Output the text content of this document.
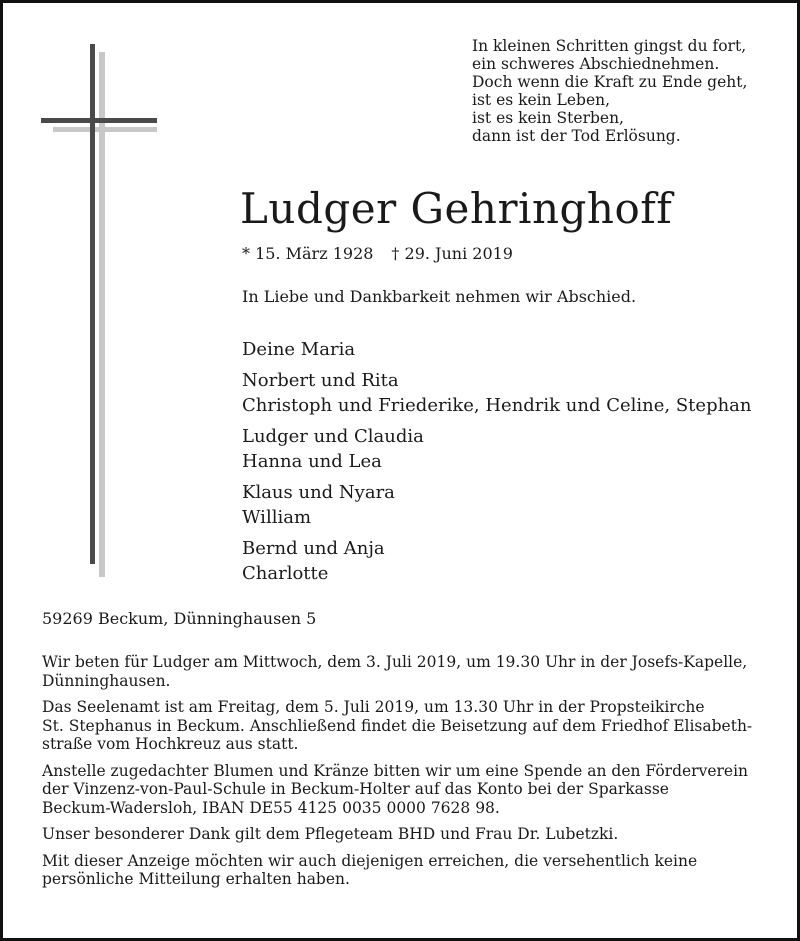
In kleinen Schritten gingst du fort,
ein schweres Abschiednehmen.
Doch wenn die Kraft zu Ende geht,
ist es kein Leben,
ist es kein Sterben,
dann ist der Tod Erlösung.
Ludger Gehringhoff
* 15. März 1928 † 29. Juni 2019
In Liebe und Dankbarkeit nehmen wir Abschied.
Deine Maria
Norbert und Rita
Christoph und Friederike, Hendrik und Celine, Stephan
Ludger und Claudia
Hanna und Lea
Klaus und Nyara
William
Bernd und Anja
Charlotte
59269 Beckum, Dünninghausen 5

Wir beten für Ludger am Mittwoch, dem 3. Juli 2019, um 19.30 Uhr in der Josefs-Kapelle,
Dünninghausen.

Das Seelenamt ist am Freitag, dem 5. Juli 2019, um 13.30 Uhr in der Propsteikirche
St. Stephanus in Beckum. Anschließend findet die Beisetzung auf dem Friedhof Elisabeth-
straße vom Hochkreuz aus statt.

Anstelle zugedachter Blumen und Kränze bitten wir um eine Spende an den Förderverein
der Vinzenz-von-Paul-Schule in Beckum-Holter auf das Konto bei der Sparkasse
Beckum-Wadersloh, IBAN DE55 4125 0035 0000 7628 98.

Unser besonderer Dank gilt dem Pflegeteam BHD und Frau Dr. Lubetzki.

Mit dieser Anzeige möchten wir auch diejenigen erreichen, die versehentlich keine
persönliche Mitteilung erhalten haben.
